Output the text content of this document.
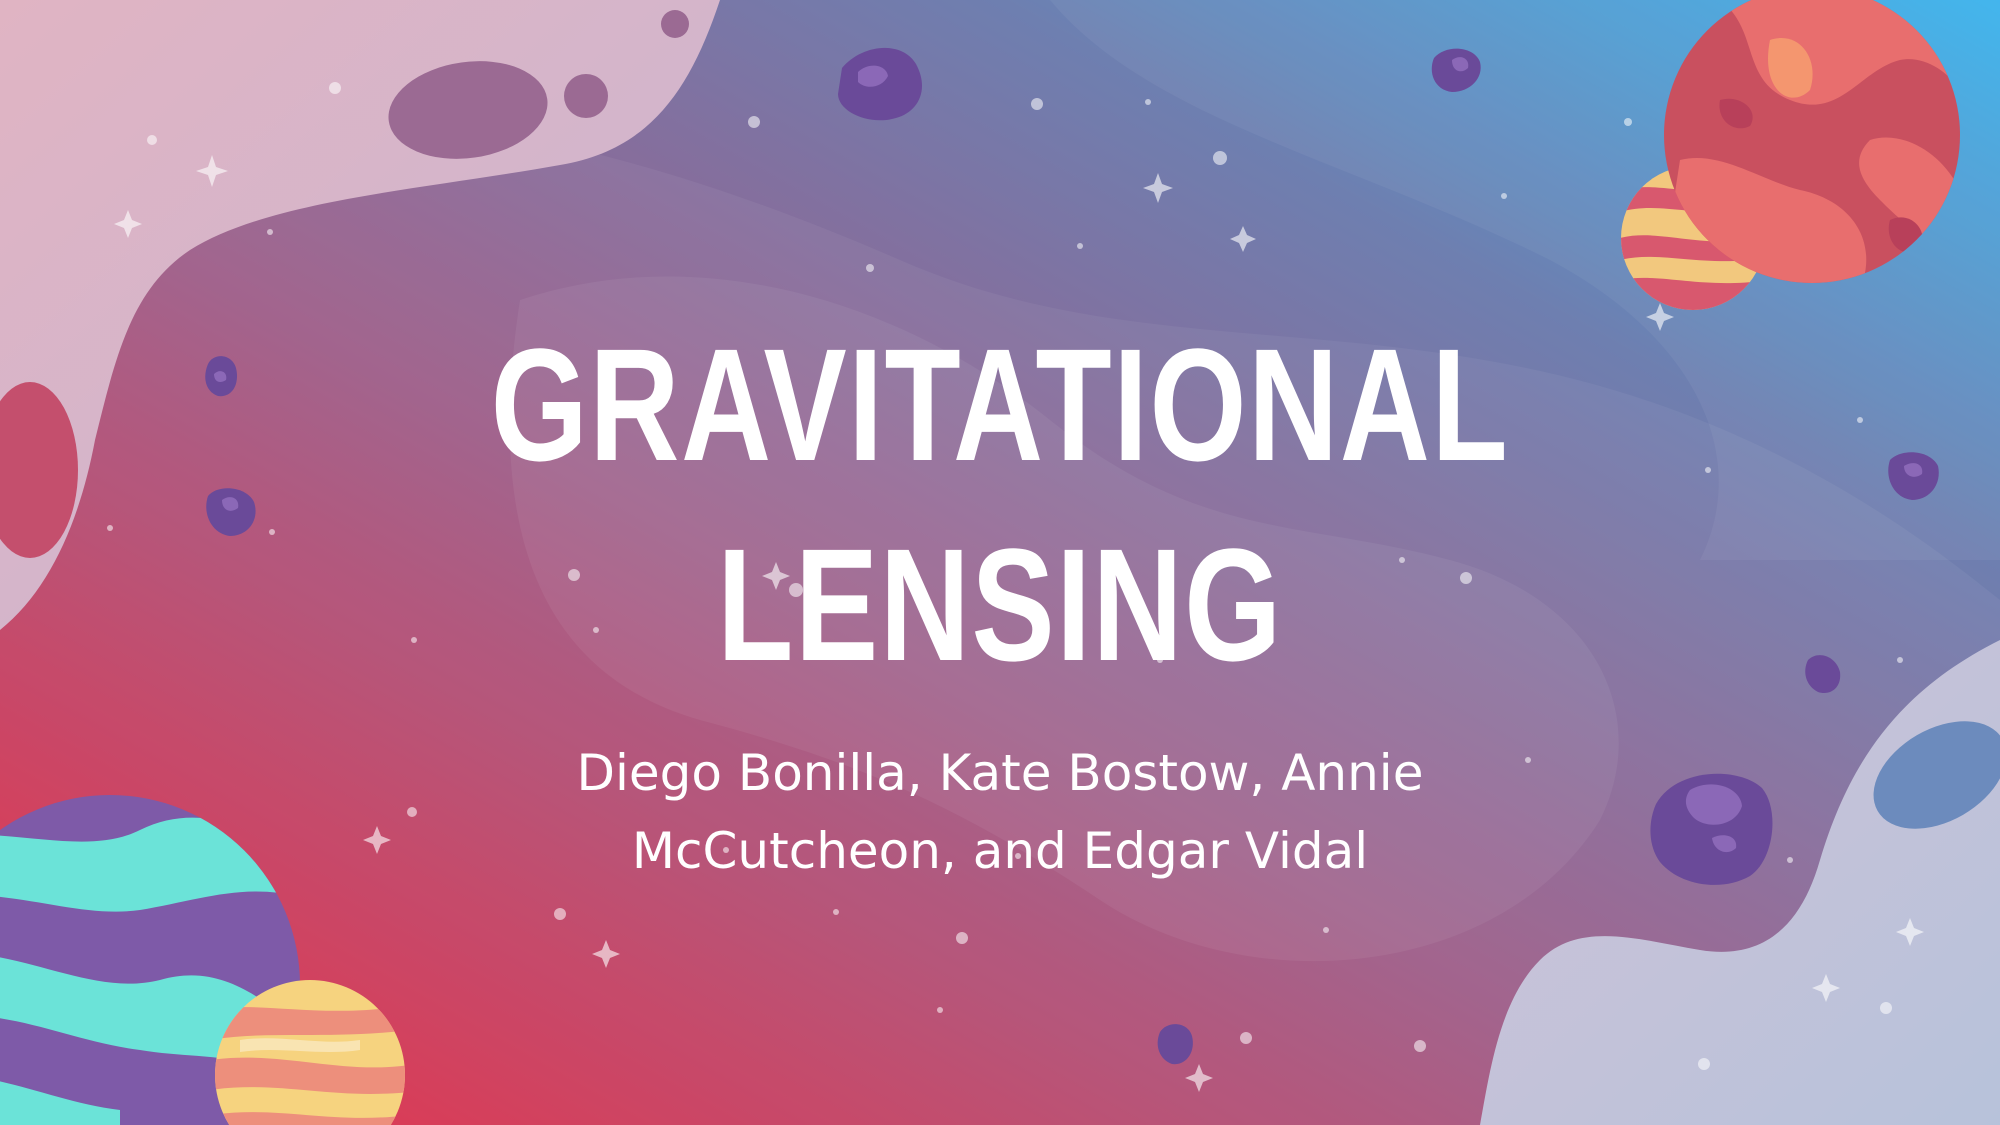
GRAVITATIONAL
LENSING

Diego Bonilla, Kate Bostow, Annie

McCutcheon, and Edgar Vidal
